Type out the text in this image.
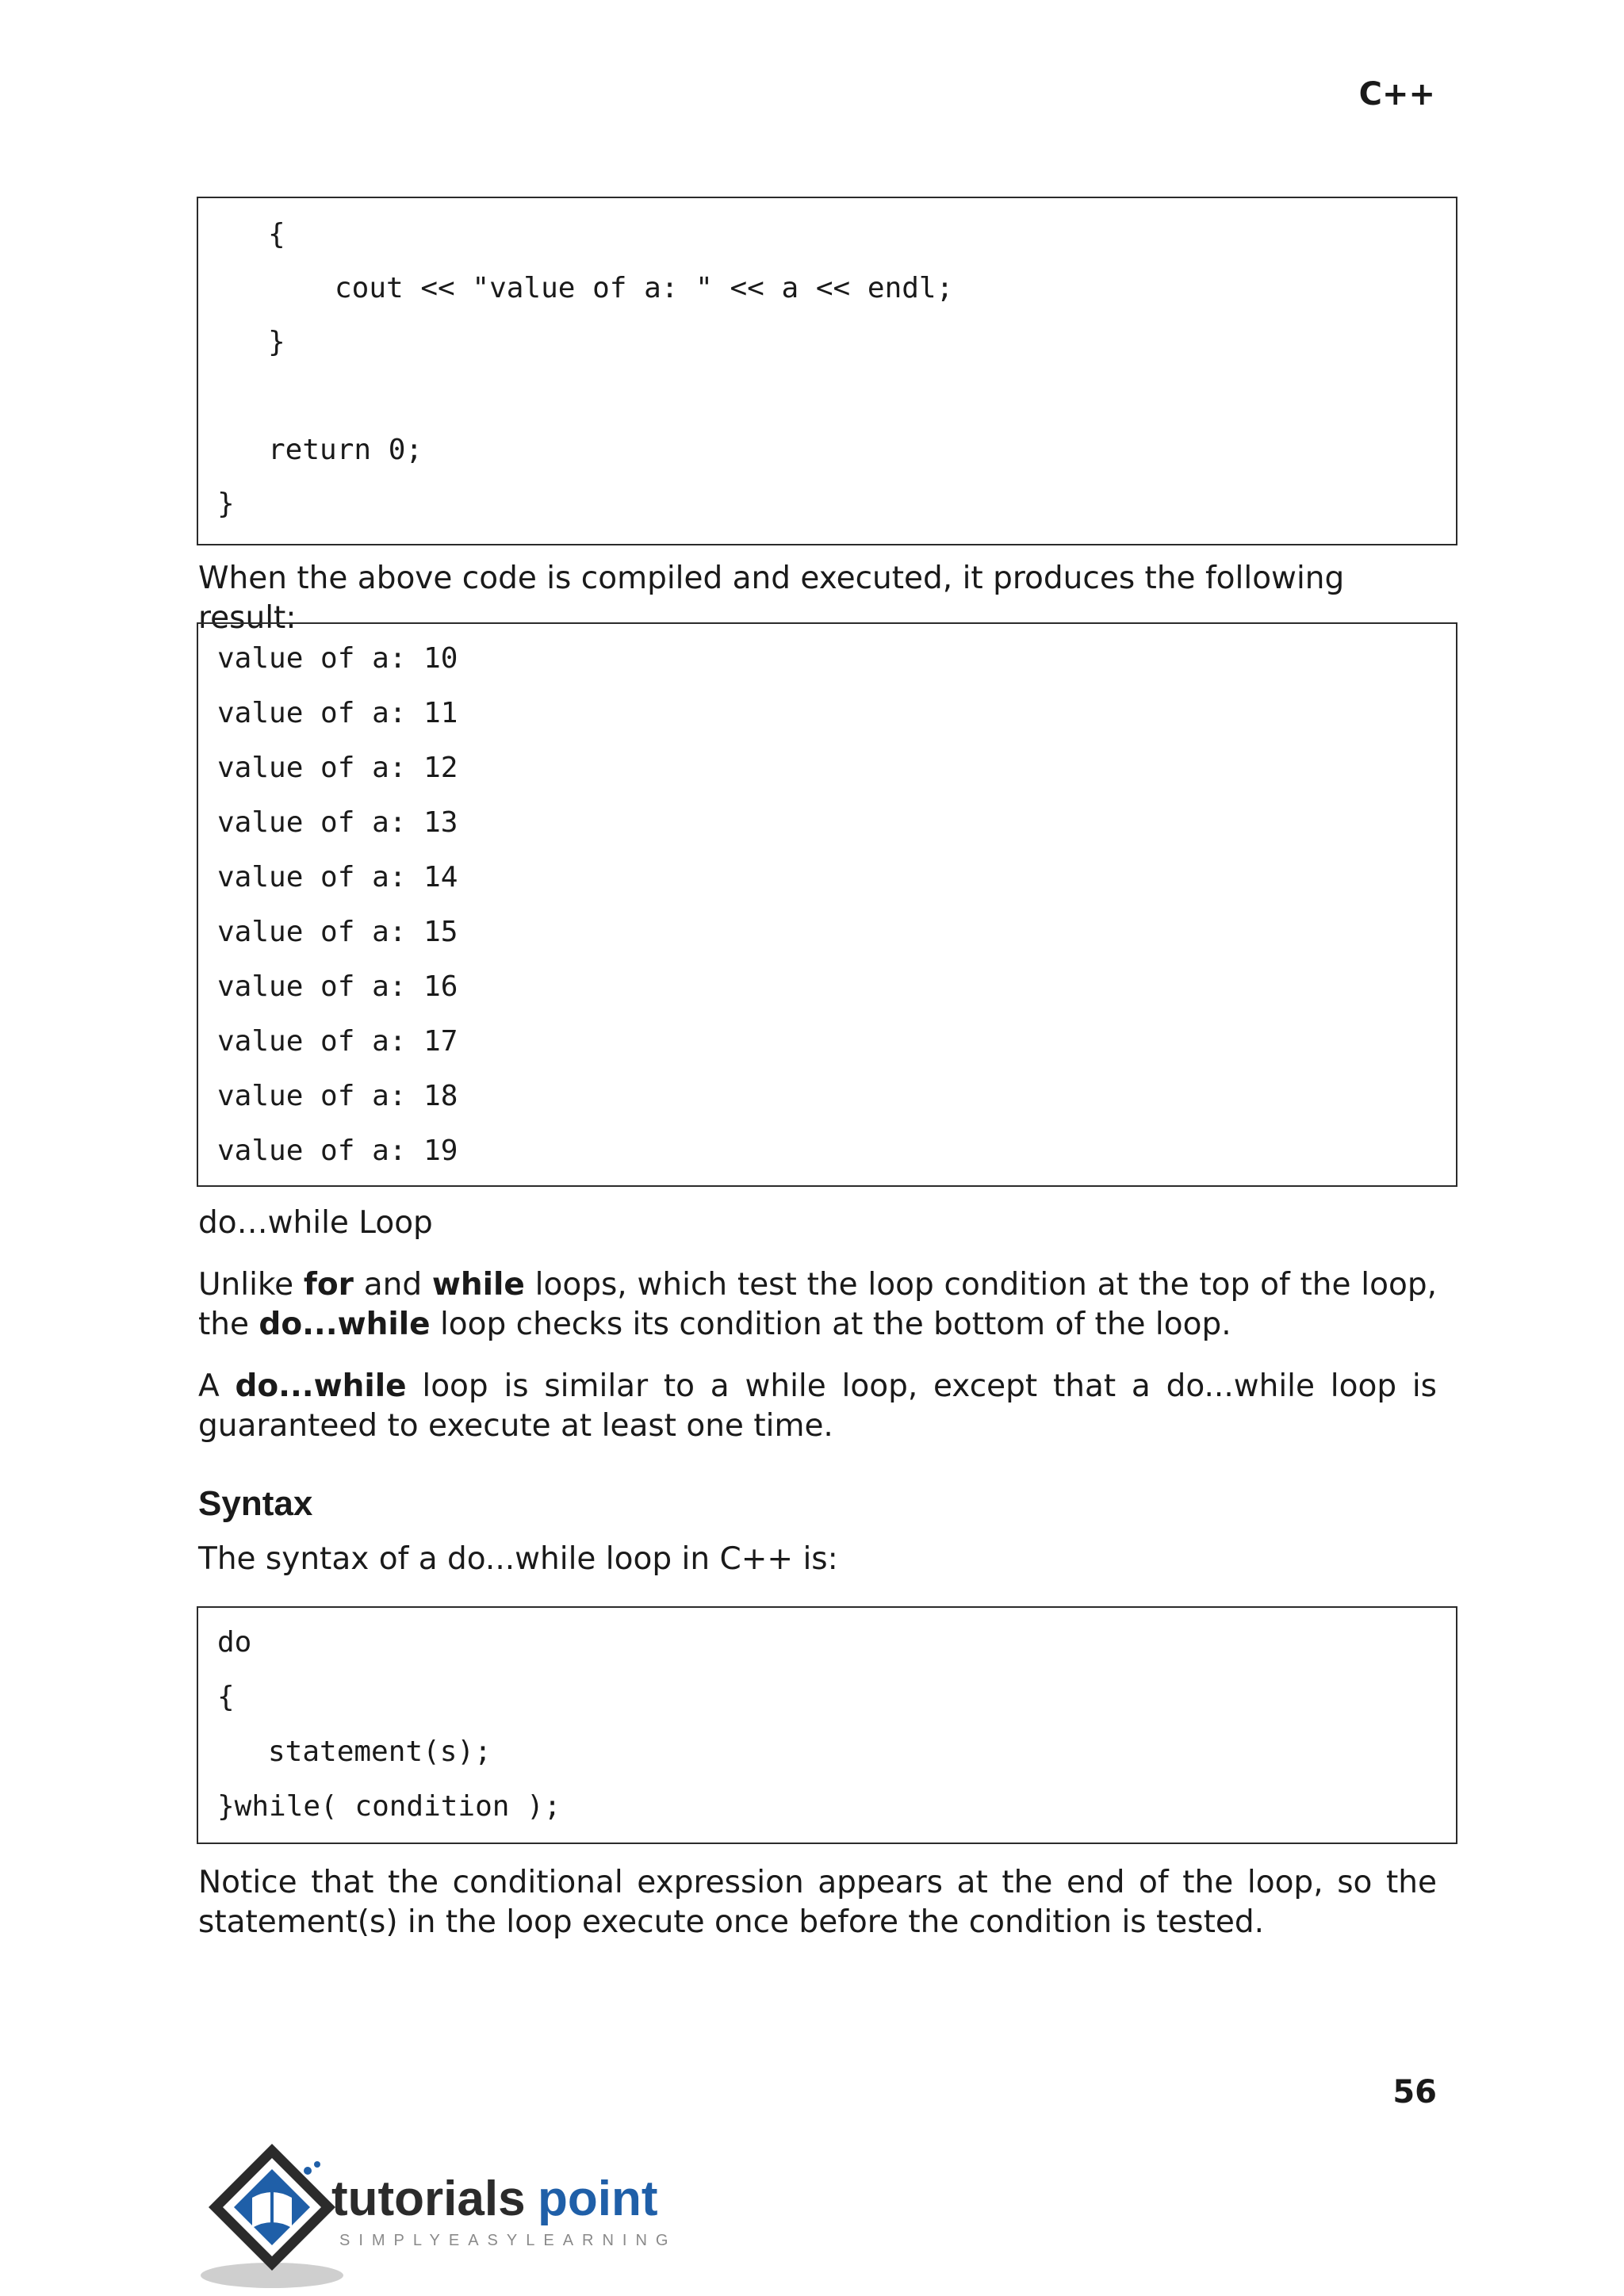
C++
{
cout << "value of a: " << a << endl;
}
return 0;
}

When the above code is compiled and executed, it produces the following result:

value of a: 10
value of a: 11
value of a: 12
value of a: 13
value of a: 14
value of a: 15
value of a: 16
value of a: 17
value of a: 18
value of a: 19

do…while Loop

Unlike for and while loops, which test the loop condition at the top of the loop, the do...while loop checks its condition at the bottom of the loop.

A do...while loop is similar to a while loop, except that a do...while loop is guaranteed to execute at least one time.

Syntax

The syntax of a do...while loop in C++ is:

do
{
statement(s);
}while( condition );

Notice that the conditional expression appears at the end of the loop, so the statement(s) in the loop execute once before the condition is tested.

56
tutorials point
SIMPLYEASYLEARNING
